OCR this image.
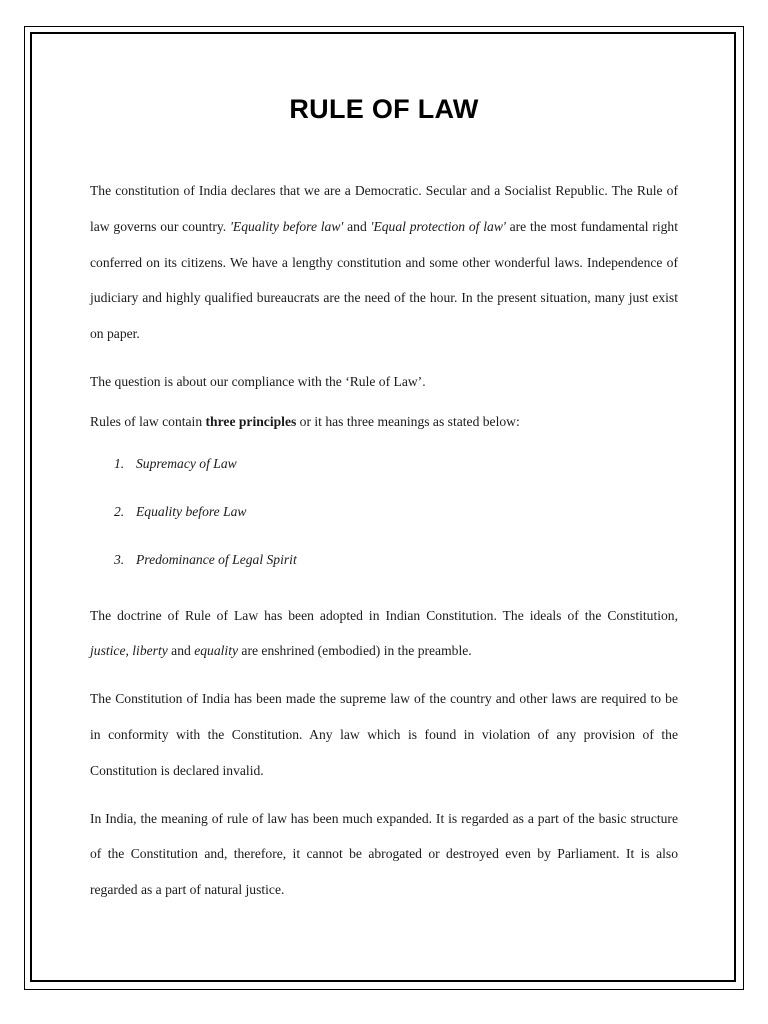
RULE OF LAW

The constitution of India declares that we are a Democratic. Secular and a Socialist Republic. The Rule of law governs our country. 'Equality before law' and 'Equal protection of law' are the most fundamental right conferred on its citizens. We have a lengthy constitution and some other wonderful laws. Independence of judiciary and highly qualified bureaucrats are the need of the hour. In the present situation, many just exist on paper.

The question is about our compliance with the ‘Rule of Law’.

Rules of law contain three principles or it has three meanings as stated below:

1. Supremacy of Law
2. Equality before Law
3. Predominance of Legal Spirit

The doctrine of Rule of Law has been adopted in Indian Constitution. The ideals of the Constitution, justice, liberty and equality are enshrined (embodied) in the preamble.

The Constitution of India has been made the supreme law of the country and other laws are required to be in conformity with the Constitution. Any law which is found in violation of any provision of the Constitution is declared invalid.

In India, the meaning of rule of law has been much expanded. It is regarded as a part of the basic structure of the Constitution and, therefore, it cannot be abrogated or destroyed even by Parliament. It is also regarded as a part of natural justice.
